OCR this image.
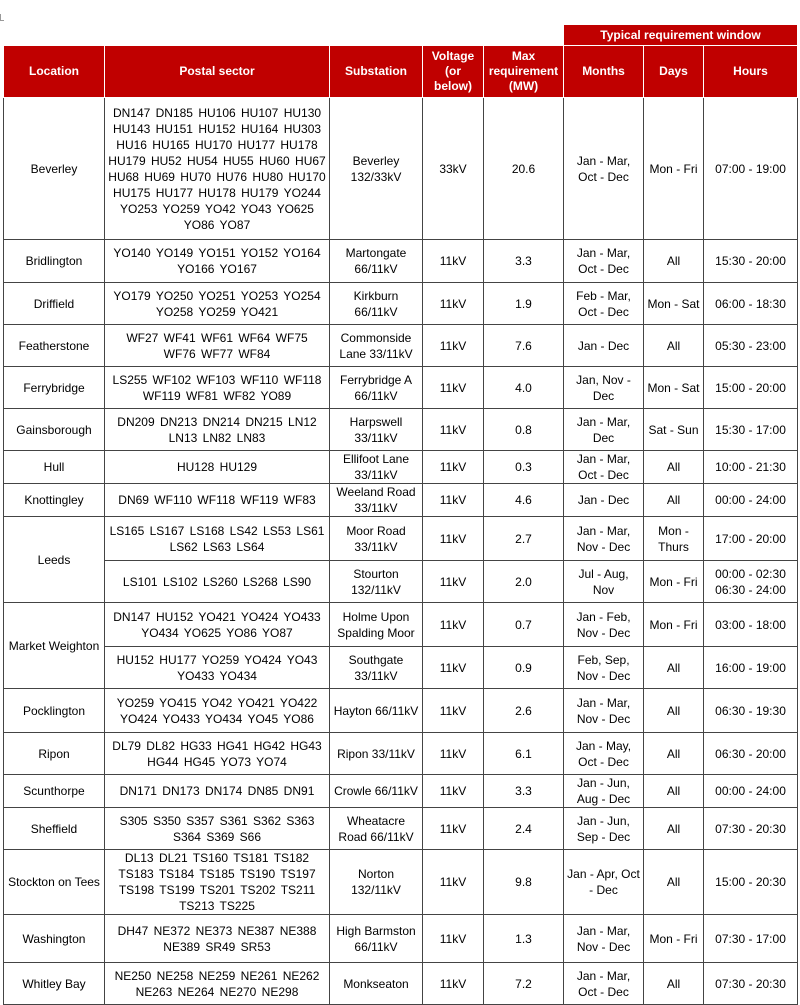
					Typical requirement window		
Location	Postal sector	Substation	Voltage (or below)	Max requirement (MW)	Months	Days	Hours
Beverley	DN147 DN185 HU106 HU107 HU130 HU143 HU151 HU152 HU164 HU303 HU16 HU165 HU170 HU177 HU178 HU179 HU52 HU54 HU55 HU60 HU67 HU68 HU69 HU70 HU76 HU80 HU170 HU175 HU177 HU178 HU179 YO244 YO253 YO259 YO42 YO43 YO625 YO86 YO87	Beverley 132/33kV	33kV	20.6	Jan - Mar, Oct - Dec	Mon - Fri	07:00 - 19:00
Bridlington	YO140 YO149 YO151 YO152 YO164 YO166 YO167	Martongate 66/11kV	11kV	3.3	Jan - Mar, Oct - Dec	All	15:30 - 20:00
Driffield	YO179 YO250 YO251 YO253 YO254 YO258 YO259 YO421	Kirkburn 66/11kV	11kV	1.9	Feb - Mar, Oct - Dec	Mon - Sat	06:00 - 18:30
Featherstone	WF27 WF41 WF61 WF64 WF75 WF76 WF77 WF84	Commonside Lane 33/11kV	11kV	7.6	Jan - Dec	All	05:30 - 23:00
Ferrybridge	LS255 WF102 WF103 WF110 WF118 WF119 WF81 WF82 YO89	Ferrybridge A 66/11kV	11kV	4.0	Jan, Nov - Dec	Mon - Sat	15:00 - 20:00
Gainsborough	DN209 DN213 DN214 DN215 LN12 LN13 LN82 LN83	Harpswell 33/11kV	11kV	0.8	Jan - Mar, Dec	Sat - Sun	15:30 - 17:00
Hull	HU128 HU129	Ellifoot Lane 33/11kV	11kV	0.3	Jan - Mar, Oct - Dec	All	10:00 - 21:30
Knottingley	DN69 WF110 WF118 WF119 WF83	Weeland Road 33/11kV	11kV	4.6	Jan - Dec	All	00:00 - 24:00
Leeds	LS165 LS167 LS168 LS42 LS53 LS61 LS62 LS63 LS64	Moor Road 33/11kV	11kV	2.7	Jan - Mar, Nov - Dec	Mon - Thurs	17:00 - 20:00
	LS101 LS102 LS260 LS268 LS90	Stourton 132/11kV	11kV	2.0	Jul - Aug, Nov	Mon - Fri	00:00 - 02:30 06:30 - 24:00
Market Weighton	DN147 HU152 YO421 YO424 YO433 YO434 YO625 YO86 YO87	Holme Upon Spalding Moor	11kV	0.7	Jan - Feb, Nov - Dec	Mon - Fri	03:00 - 18:00
	HU152 HU177 YO259 YO424 YO43 YO433 YO434	Southgate 33/11kV	11kV	0.9	Feb, Sep, Nov - Dec	All	16:00 - 19:00
Pocklington	YO259 YO415 YO42 YO421 YO422 YO424 YO433 YO434 YO45 YO86	Hayton 66/11kV	11kV	2.6	Jan - Mar, Nov - Dec	All	06:30 - 19:30
Ripon	DL79 DL82 HG33 HG41 HG42 HG43 HG44 HG45 YO73 YO74	Ripon 33/11kV	11kV	6.1	Jan - May, Oct - Dec	All	06:30 - 20:00
Scunthorpe	DN171 DN173 DN174 DN85 DN91	Crowle 66/11kV	11kV	3.3	Jan - Jun, Aug - Dec	All	00:00 - 24:00
Sheffield	S305 S350 S357 S361 S362 S363 S364 S369 S66	Wheatacre Road 66/11kV	11kV	2.4	Jan - Jun, Sep - Dec	All	07:30 - 20:30
Stockton on Tees	DL13 DL21 TS160 TS181 TS182 TS183 TS184 TS185 TS190 TS197 TS198 TS199 TS201 TS202 TS211 TS213 TS225	Norton 132/11kV	11kV	9.8	Jan - Apr, Oct - Dec	All	15:00 - 20:30
Washington	DH47 NE372 NE373 NE387 NE388 NE389 SR49 SR53	High Barmston 66/11kV	11kV	1.3	Jan - Mar, Nov - Dec	Mon - Fri	07:30 - 17:00
Whitley Bay	NE250 NE258 NE259 NE261 NE262 NE263 NE264 NE270 NE298	Monkseaton	11kV	7.2	Jan - Mar, Oct - Dec	All	07:30 - 20:30
